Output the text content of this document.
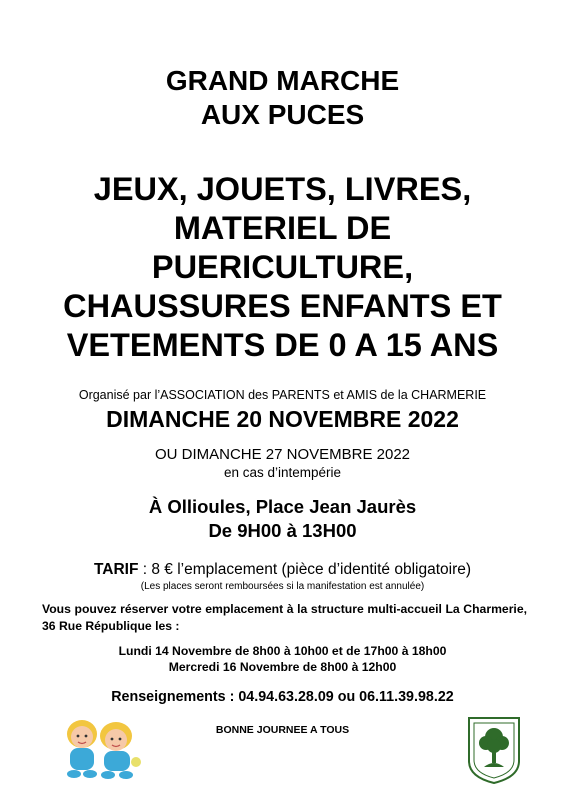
GRAND MARCHE
AUX PUCES
JEUX, JOUETS, LIVRES,
MATERIEL DE
PUERICULTURE,
CHAUSSURES ENFANTS ET
VETEMENTS DE 0 A 15 ANS
Organisé par l’ASSOCIATION des PARENTS et AMIS de la CHARMERIE
DIMANCHE 20 NOVEMBRE 2022
OU DIMANCHE 27 NOVEMBRE 2022
en cas d’intempérie
À Ollioules, Place Jean Jaurès
De 9H00 à 13H00
TARIF : 8 € l’emplacement (pièce d’identité obligatoire)
(Les places seront remboursées si la manifestation est annulée)
Vous pouvez réserver votre emplacement à la structure multi-accueil La Charmerie, 36 Rue République les :
Lundi 14 Novembre de 8h00 à 10h00 et de 17h00 à 18h00
Mercredi 16 Novembre de 8h00 à 12h00
Renseignements : 04.94.63.28.09 ou 06.11.39.98.22
BONNE JOURNEE A TOUS
